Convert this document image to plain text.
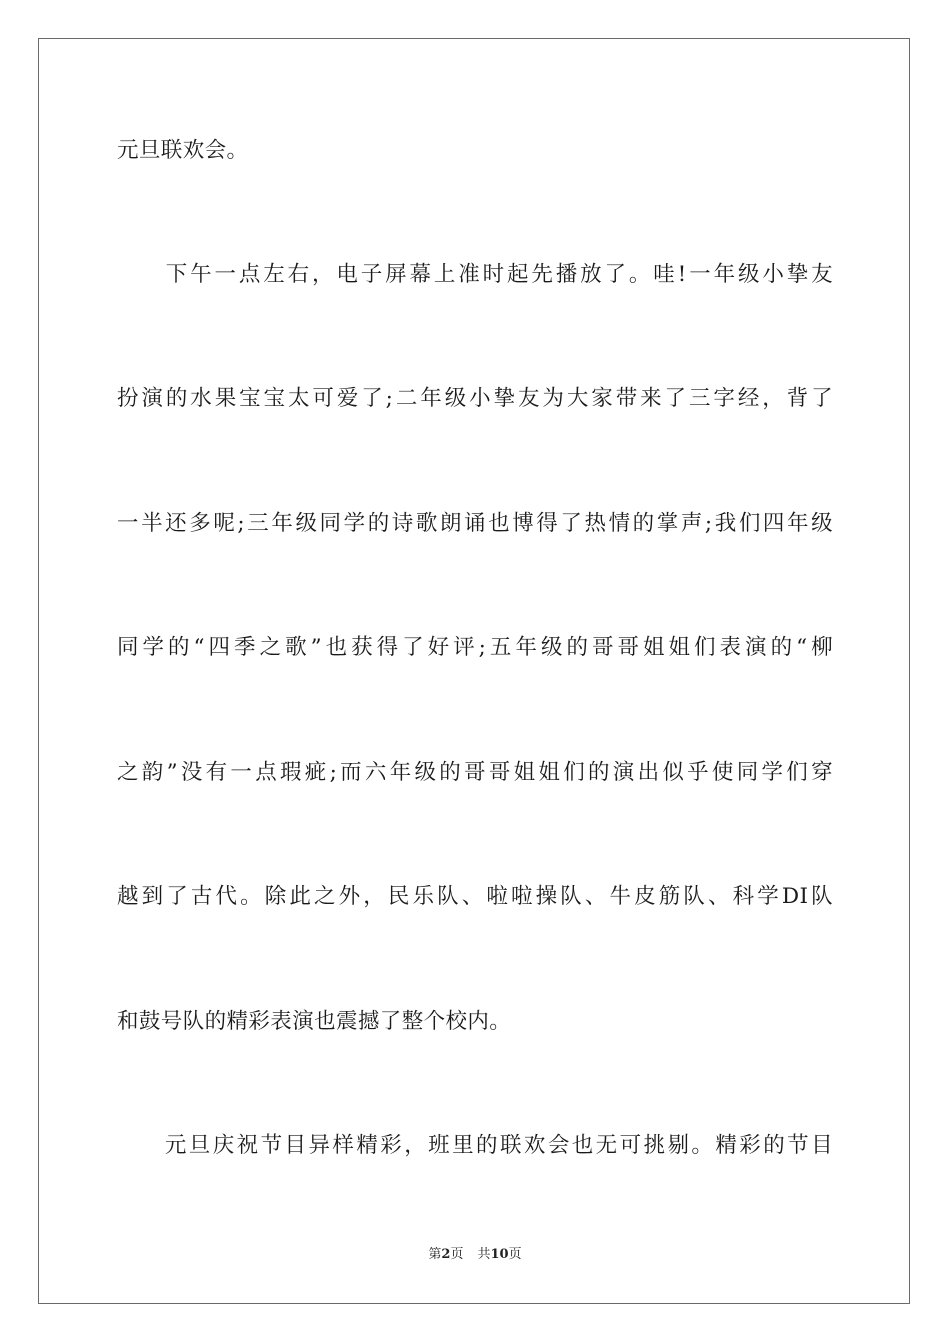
元旦联欢会。
　　下午一点左右，电子屏幕上准时起先播放了。哇!一年级小挚友
扮演的水果宝宝太可爱了;二年级小挚友为大家带来了三字经，背了
一半还多呢;三年级同学的诗歌朗诵也博得了热情的掌声;我们四年级
同学的“四季之歌”也获得了好评;五年级的哥哥姐姐们表演的“柳
之韵”没有一点瑕疵;而六年级的哥哥姐姐们的演出似乎使同学们穿
越到了古代。除此之外，民乐队、啦啦操队、牛皮筋队、科学DI队
和鼓号队的精彩表演也震撼了整个校内。
　　元旦庆祝节目异样精彩，班里的联欢会也无可挑剔。精彩的节目
第2页 共10页
